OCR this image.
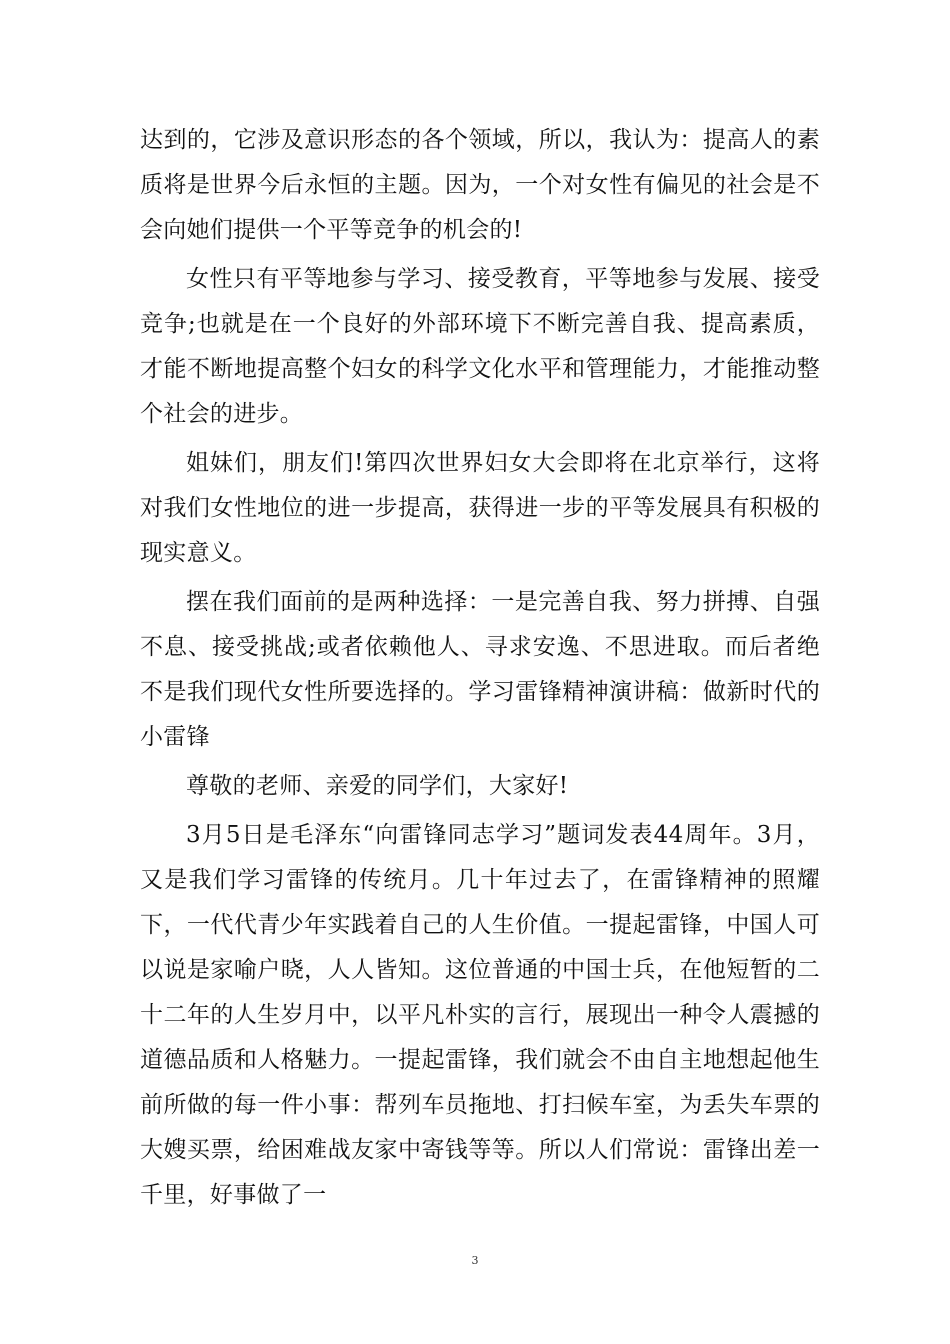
达到的，它涉及意识形态的各个领域，所以，我认为：提高人的素质将是世界今后永恒的主题。因为，一个对女性有偏见的社会是不会向她们提供一个平等竞争的机会的!

女性只有平等地参与学习、接受教育，平等地参与发展、接受竞争;也就是在一个良好的外部环境下不断完善自我、提高素质，才能不断地提高整个妇女的科学文化水平和管理能力，才能推动整个社会的进步。

姐妹们，朋友们!第四次世界妇女大会即将在北京举行，这将对我们女性地位的进一步提高，获得进一步的平等发展具有积极的现实意义。

摆在我们面前的是两种选择：一是完善自我、努力拼搏、自强不息、接受挑战;或者依赖他人、寻求安逸、不思进取。而后者绝不是我们现代女性所要选择的。学习雷锋精神演讲稿：做新时代的小雷锋

尊敬的老师、亲爱的同学们，大家好!

3月5日是毛泽东“向雷锋同志学习”题词发表44周年。3月，又是我们学习雷锋的传统月。几十年过去了，在雷锋精神的照耀下，一代代青少年实践着自己的人生价值。一提起雷锋，中国人可以说是家喻户晓，人人皆知。这位普通的中国士兵，在他短暂的二十二年的人生岁月中，以平凡朴实的言行，展现出一种令人震撼的道德品质和人格魅力。一提起雷锋，我们就会不由自主地想起他生前所做的每一件小事：帮列车员拖地、打扫候车室，为丢失车票的大嫂买票，给困难战友家中寄钱等等。所以人们常说：雷锋出差一千里，好事做了一

3
